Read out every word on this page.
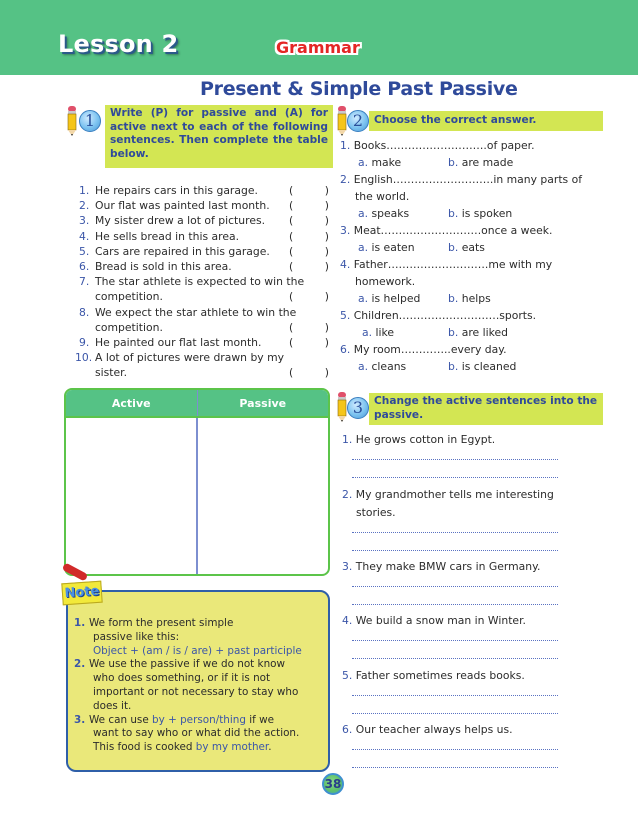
Lesson 2	Grammar
Present & Simple Past Passive
1	Write (P) for passive and (A) for active next to each of the following sentences. Then complete the table below.
1. He repairs cars in this garage.	(	)
2. Our flat was painted last month. (	)
3. My sister drew a lot of pictures. (	)
4. He sells bread in this area.	(	)
5. Cars are repaired in this garage. (	)
6. Bread is sold in this area.	(	)
7. The star athlete is expected to win the
competition.	(	)
8. We expect the star athlete to win the
competition.	(	)
9. He painted our flat last month.	(	)
10. A lot of pictures were drawn by my
sister.	(	)
Active	Passive
Note
1. We form the present simple
passive like this:
Object + (am / is / are) + past participle
2. We use the passive if we do not know
who does something, or if it is not
important or not necessary to stay who
does it.
3. We can use by + person/thing if we
want to say who or what did the action.
This food is cooked by my mother.
2	Choose the correct answer.
1. Books……………………….of paper.
a. make	b. are made
2. English……………………….in many parts of
the world.
a. speaks	b. is spoken
3. Meat……………………….once a week.
a. is eaten	b. eats
4. Father……………………….me with my
homework.
a. is helped	b. helps
5. Children……………………….sports.
a. like	b. are liked
6. My room…………..every day.
a. cleans	b. is cleaned
3	Change the active sentences into the passive.
1. He grows cotton in Egypt.
2. My grandmother tells me interesting
stories.
3. They make BMW cars in Germany.
4. We build a snow man in Winter.
5. Father sometimes reads books.
6. Our teacher always helps us.
38
